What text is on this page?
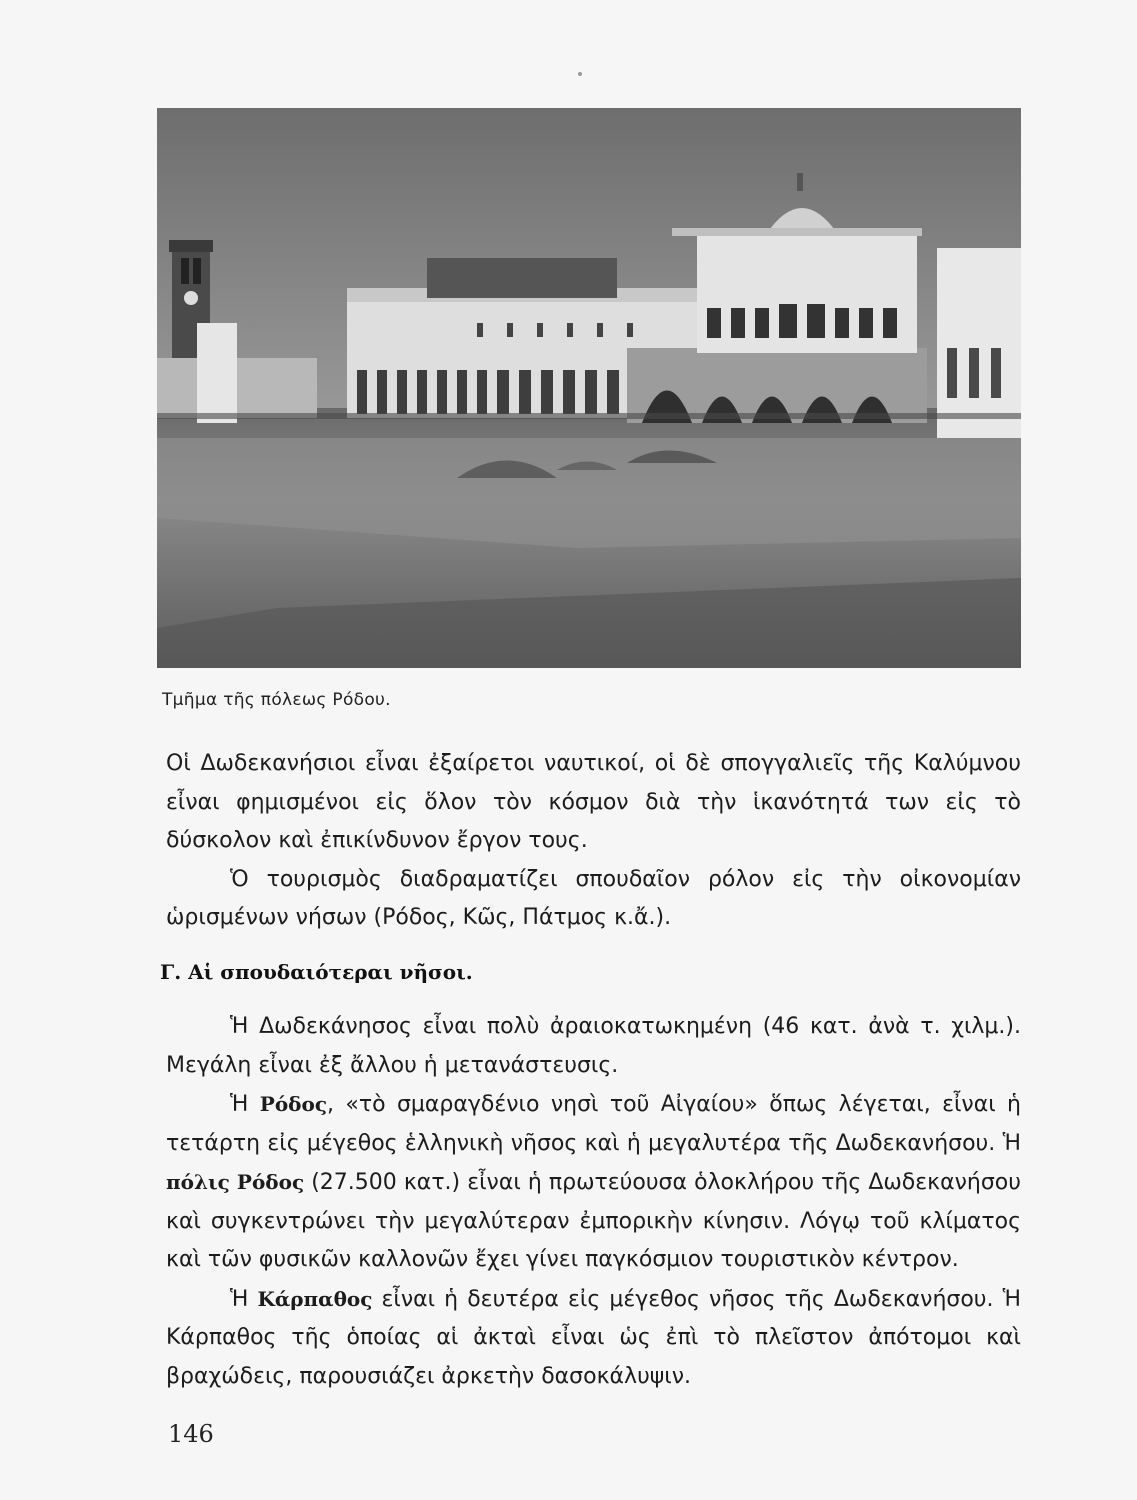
Τμῆμα τῆς πόλεως Ρόδου.

Οἱ Δωδεκανήσιοι εἶναι ἐξαίρετοι ναυτικοί, οἱ δὲ σπογγαλιεῖς τῆς Καλύμνου εἶναι φημισμένοι εἰς ὅλον τὸν κόσμον διὰ τὴν ἱκανότητά των εἰς τὸ δύσκολον καὶ ἐπικίνδυνον ἔργον τους.

Ὁ τουρισμὸς διαδραματίζει σπουδαῖον ρόλον εἰς τὴν οἰκονομίαν ὡρισμένων νήσων (Ρόδος, Κῶς, Πάτμος κ.ἄ.).

Γ. Αἱ σπουδαιότεραι νῆσοι.

Ἡ Δωδεκάνησος εἶναι πολὺ ἀραιοκατωκημένη (46 κατ. ἀνὰ τ. χιλμ.). Μεγάλη εἶναι ἐξ ἄλλου ἡ μετανάστευσις.

Ἡ Ρόδος, «τὸ σμαραγδένιο νησὶ τοῦ Αἰγαίου» ὅπως λέγεται, εἶναι ἡ τετάρτη εἰς μέγεθος ἑλληνικὴ νῆσος καὶ ἡ μεγαλυτέρα τῆς Δωδεκανήσου. Ἡ πόλις Ρόδος (27.500 κατ.) εἶναι ἡ πρωτεύουσα ὁλοκλήρου τῆς Δωδεκανήσου καὶ συγκεντρώνει τὴν μεγαλύτεραν ἐμπορικὴν κίνησιν. Λόγῳ τοῦ κλίματος καὶ τῶν φυσικῶν καλλονῶν ἔχει γίνει παγκόσμιον τουριστικὸν κέντρον.

Ἡ Κάρπαθος εἶναι ἡ δευτέρα εἰς μέγεθος νῆσος τῆς Δωδεκανήσου. Ἡ Κάρπαθος τῆς ὁποίας αἱ ἀκταὶ εἶναι ὡς ἐπὶ τὸ πλεῖστον ἀπότομοι καὶ βραχώδεις, παρουσιάζει ἀρκετὴν δασοκάλυψιν.

146
